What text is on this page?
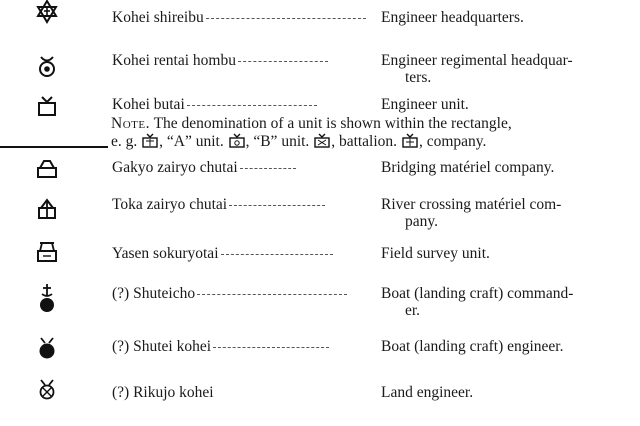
Kohei shireibu	Engineer headquarters.
Kohei rentai hombu	Engineer regimental headquar-
ters.
Kohei butai	Engineer unit.
Note. The denomination of a unit is shown within the rectangle,
e. g. , “A” unit. , “B” unit. , battalion. , company.
Gakyo zairyo chutai	Bridging matériel company.
Toka zairyo chutai	River crossing matériel com-
pany.
Yasen sokuryotai	Field survey unit.
(?) Shuteicho	Boat (landing craft) command-
er.
(?) Shutei kohei	Boat (landing craft) engineer.
(?) Rikujo kohei	Land engineer.
